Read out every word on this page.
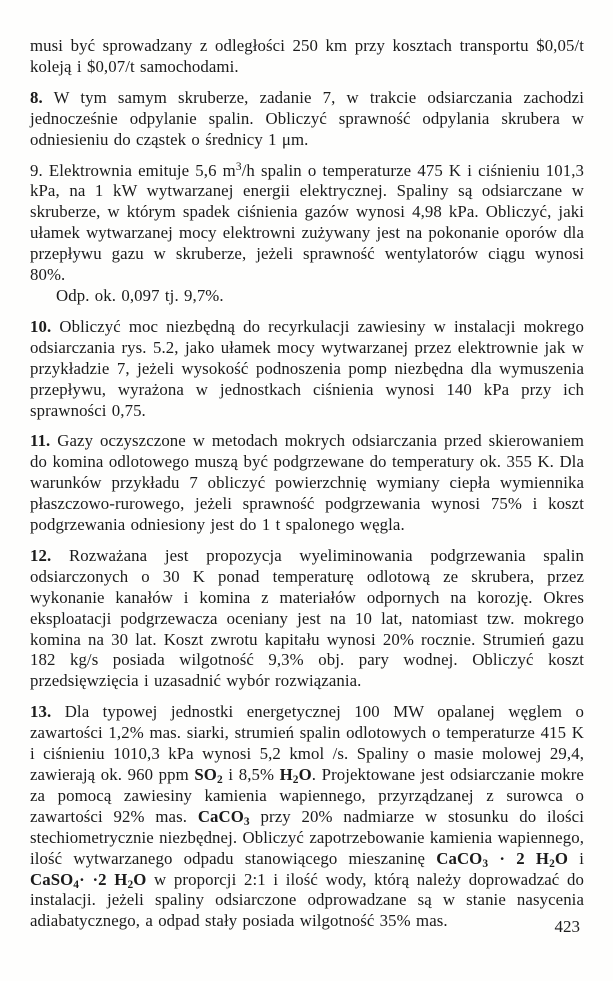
musi być sprowadzany z odległości 250 km przy kosztach transportu $0,05/t koleją i $0,07/t samochodami.

8. W tym samym skruberze, zadanie 7, w trakcie odsiarczania zachodzi jednocześnie odpylanie spalin. Obliczyć sprawność odpylania skrubera w odniesieniu do cząstek o średnicy 1 μm.

9. Elektrownia emituje 5,6 $m^3/h$ spalin o temperaturze 475 K i ciśnieniu 101,3 kPa, na 1 kW wytwarzanej energii elektrycznej. Spaliny są odsiarczane w skruberze, w którym spadek ciśnienia gazów wynosi 4,98 kPa. Obliczyć, jaki ułamek wytwarzanej mocy elektrowni zużywany jest na pokonanie oporów dla przepływu gazu w skruberze, jeżeli sprawność wentylatorów ciągu wynosi 80%.

Odp. ok. 0,097 tj. 9,7%.

10. Obliczyć moc niezbędną do recyrkulacji zawiesiny w instalacji mokrego odsiarczania rys. 5.2, jako ułamek mocy wytwarzanej przez elektrownie jak w przykładzie 7, jeżeli wysokość podnoszenia pomp niezbędna dla wymuszenia przepływu, wyrażona w jednostkach ciśnienia wynosi 140 kPa przy ich sprawności 0,75.

11. Gazy oczyszczone w metodach mokrych odsiarczania przed skierowaniem do komina odlotowego muszą być podgrzewane do temperatury ok. 355 K. Dla warunków przykładu 7 obliczyć powierzchnię wymiany ciepła wymiennika płaszczowo-rurowego, jeżeli sprawność podgrzewania wynosi 75% i koszt podgrzewania odniesiony jest do 1 t spalonego węgla.

12. Rozważana jest propozycja wyeliminowania podgrzewania spalin odsiarczonych o 30 K ponad temperaturę odlotową ze skrubera, przez wykonanie kanałów i komina z materiałów odpornych na korozję. Okres eksploatacji podgrzewacza oceniany jest na 10 lat, natomiast tzw. mokrego komina na 30 lat. Koszt zwrotu kapitału wynosi 20% rocznie. Strumień gazu 182 kg/s posiada wilgotność 9,3% obj. pary wodnej. Obliczyć koszt przedsięwzięcia i uzasadnić wybór rozwiązania.

13. Dla typowej jednostki energetycznej 100 MW opalanej węglem o zawartości 1,2% mas. siarki, strumień spalin odlotowych o temperaturze 415 K i ciśnieniu 1010,3 kPa wynosi 5,2 kmol /s. Spaliny o masie molowej 29,4, zawierają ok. 960 ppm $SO_2$ i 8,5% $H_2O$. Projektowane jest odsiarczanie mokre za pomocą zawiesiny kamienia wapiennego, przyrządzanej z surowca o zawartości 92% mas. CaCO$_3$ przy 20% nadmiarze w stosunku do ilości stechiometrycznie niezbędnej. Obliczyć zapotrzebowanie kamienia wapiennego, ilość wytwarzanego odpadu stanowiącego mieszaninę CaCO$_3$ · 2 $H_2O$ i CaSO$_4$· ·2 $H_2O$ w proporcji 2:1 i ilość wody, którą należy doprowadzać do instalacji. jeżeli spaliny odsiarczone odprowadzane są w stanie nasycenia adiabatycznego, a odpad stały posiada wilgotność 35% mas.	423
